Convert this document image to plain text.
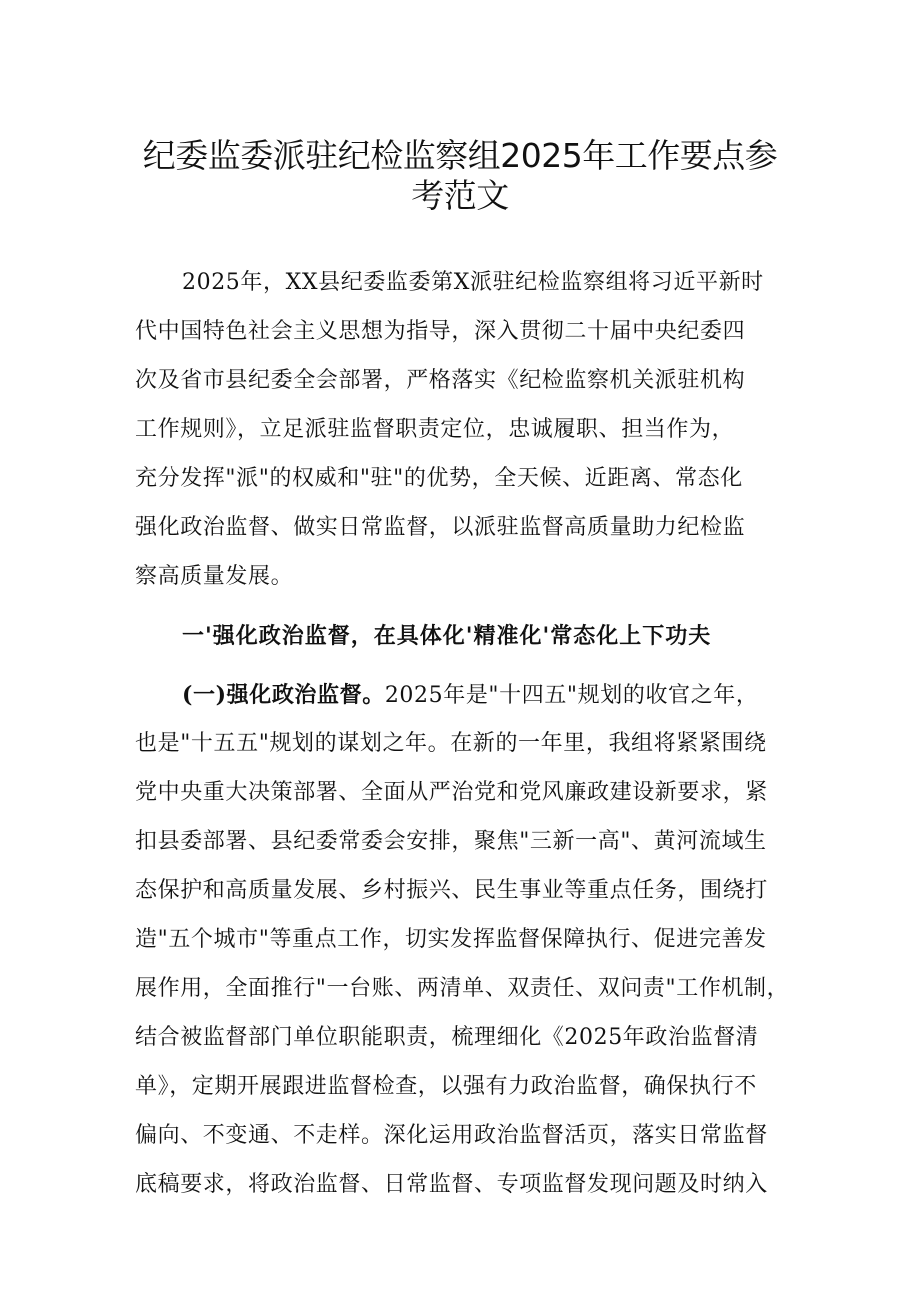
纪委监委派驻纪检监察组2025年工作要点参
考范文
2025年，XX县纪委监委第X派驻纪检监察组将习近平新时
代中国特色社会主义思想为指导，深入贯彻二十届中央纪委四
次及省市县纪委全会部署，严格落实《纪检监察机关派驻机构
工作规则》，立足派驻监督职责定位，忠诚履职、担当作为，
充分发挥"派"的权威和"驻"的优势，全天候、近距离、常态化
强化政治监督、做实日常监督，以派驻监督高质量助力纪检监
察高质量发展。
一'强化政治监督，在具体化'精准化'常态化上下功夫
(一)强化政治监督。2025年是"十四五"规划的收官之年，
也是"十五五"规划的谋划之年。在新的一年里，我组将紧紧围绕
党中央重大决策部署、全面从严治党和党风廉政建设新要求，紧
扣县委部署、县纪委常委会安排，聚焦"三新一高"、黄河流域生
态保护和高质量发展、乡村振兴、民生事业等重点任务，围绕打
造"五个城市"等重点工作，切实发挥监督保障执行、促进完善发
展作用，全面推行"一台账、两清单、双责任、双问责"工作机制，
结合被监督部门单位职能职责，梳理细化《2025年政治监督清
单》，定期开展跟进监督检查，以强有力政治监督，确保执行不
偏向、不变通、不走样。深化运用政治监督活页，落实日常监督
底稿要求，将政治监督、日常监督、专项监督发现问题及时纳入
